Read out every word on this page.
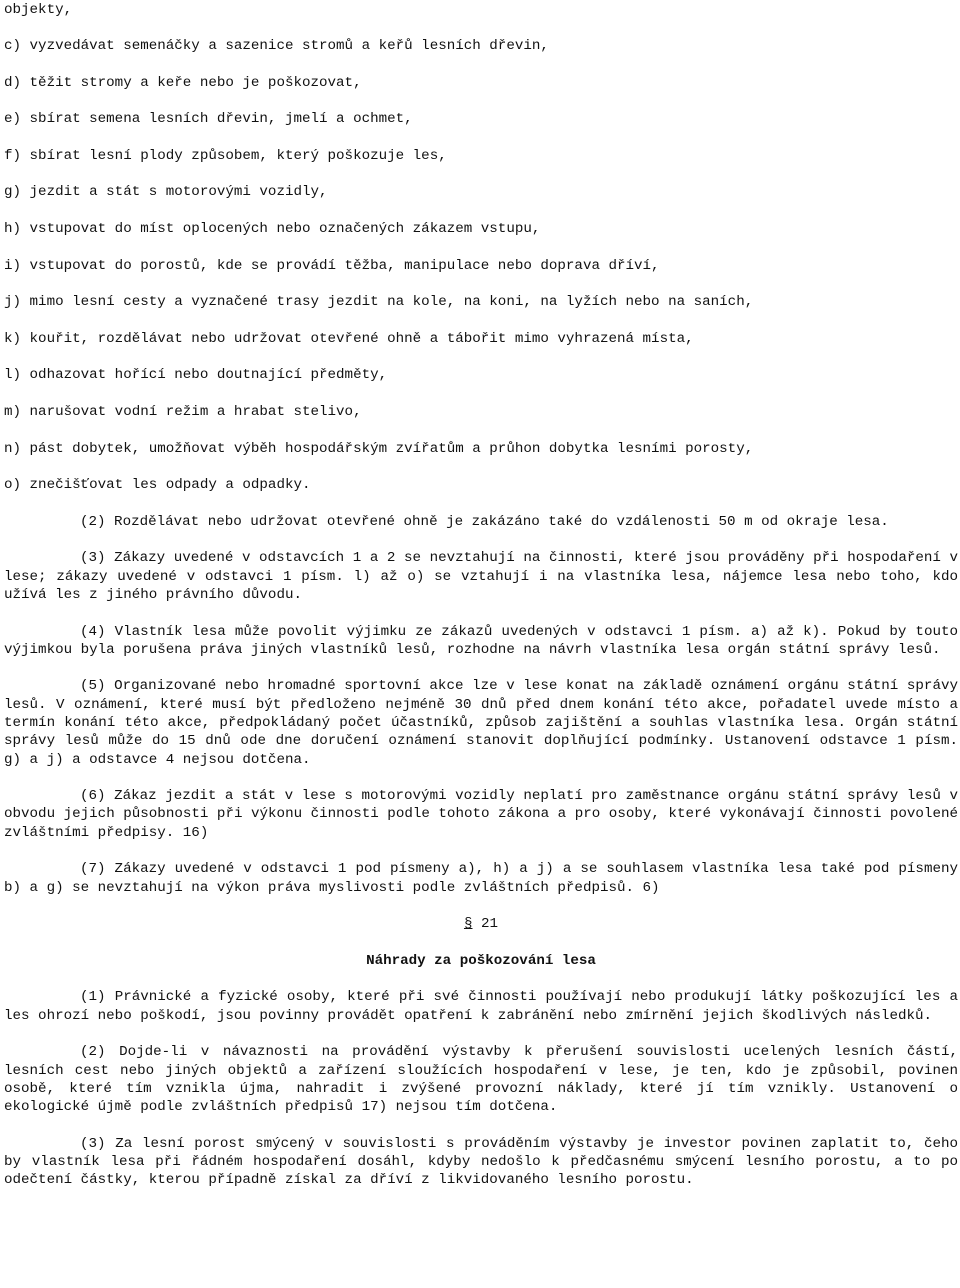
objekty,
c) vyzvedávat semenáčky a sazenice stromů a keřů lesních dřevin,
d) těžit stromy a keře nebo je poškozovat,
e) sbírat semena lesních dřevin, jmelí a ochmet,
f) sbírat lesní plody způsobem, který poškozuje les,
g) jezdit a stát s motorovými vozidly,
h) vstupovat do míst oplocených nebo označených zákazem vstupu,
i) vstupovat do porostů, kde se provádí těžba, manipulace nebo doprava dříví,
j) mimo lesní cesty a vyznačené trasy jezdit na kole, na koni, na lyžích nebo na saních,
k) kouřit, rozdělávat nebo udržovat otevřené ohně a tábořit mimo vyhrazená místa,
l) odhazovat hořící nebo doutnající předměty,
m) narušovat vodní režim a hrabat stelivo,
n) pást dobytek, umožňovat výběh hospodářským zvířatům a průhon dobytka lesními porosty,
o) znečišťovat les odpady a odpadky.

(2) Rozdělávat nebo udržovat otevřené ohně je zakázáno také do vzdálenosti 50 m od okraje lesa.

(3) Zákazy uvedené v odstavcích 1 a 2 se nevztahují na činnosti, které jsou prováděny při hospodaření v lese; zákazy uvedené v odstavci 1 písm. l) až o) se vztahují i na vlastníka lesa, nájemce lesa nebo toho, kdo užívá les z jiného právního důvodu.

(4) Vlastník lesa může povolit výjimku ze zákazů uvedených v odstavci 1 písm. a) až k). Pokud by touto výjimkou byla porušena práva jiných vlastníků lesů, rozhodne na návrh vlastníka lesa orgán státní správy lesů.

(5) Organizované nebo hromadné sportovní akce lze v lese konat na základě oznámení orgánu státní správy lesů. V oznámení, které musí být předloženo nejméně 30 dnů před dnem konání této akce, pořadatel uvede místo a termín konání této akce, předpokládaný počet účastníků, způsob zajištění a souhlas vlastníka lesa. Orgán státní správy lesů může do 15 dnů ode dne doručení oznámení stanovit doplňující podmínky. Ustanovení odstavce 1 písm. g) a j) a odstavce 4 nejsou dotčena.

(6) Zákaz jezdit a stát v lese s motorovými vozidly neplatí pro zaměstnance orgánu státní správy lesů v obvodu jejich působnosti při výkonu činnosti podle tohoto zákona a pro osoby, které vykonávají činnosti povolené zvláštními předpisy. 16)

(7) Zákazy uvedené v odstavci 1 pod písmeny a), h) a j) a se souhlasem vlastníka lesa také pod písmeny b) a g) se nevztahují na výkon práva myslivosti podle zvláštních předpisů. 6)

§ 21
Náhrady za poškozování lesa

(1) Právnické a fyzické osoby, které při své činnosti používají nebo produkují látky poškozující les a les ohrozí nebo poškodí, jsou povinny provádět opatření k zabránění nebo zmírnění jejich škodlivých následků.

(2) Dojde-li v návaznosti na provádění výstavby k přerušení souvislosti ucelených lesních částí, lesních cest nebo jiných objektů a zařízení sloužících hospodaření v lese, je ten, kdo je způsobil, povinen osobě, které tím vznikla újma, nahradit i zvýšené provozní náklady, které jí tím vznikly. Ustanovení o ekologické újmě podle zvláštních předpisů 17) nejsou tím dotčena.

(3) Za lesní porost smýcený v souvislosti s prováděním výstavby je investor povinen zaplatit to, čeho by vlastník lesa při řádném hospodaření dosáhl, kdyby nedošlo k předčasnému smýcení lesního porostu, a to po odečtení částky, kterou případně získal za dříví z likvidovaného lesního porostu.
